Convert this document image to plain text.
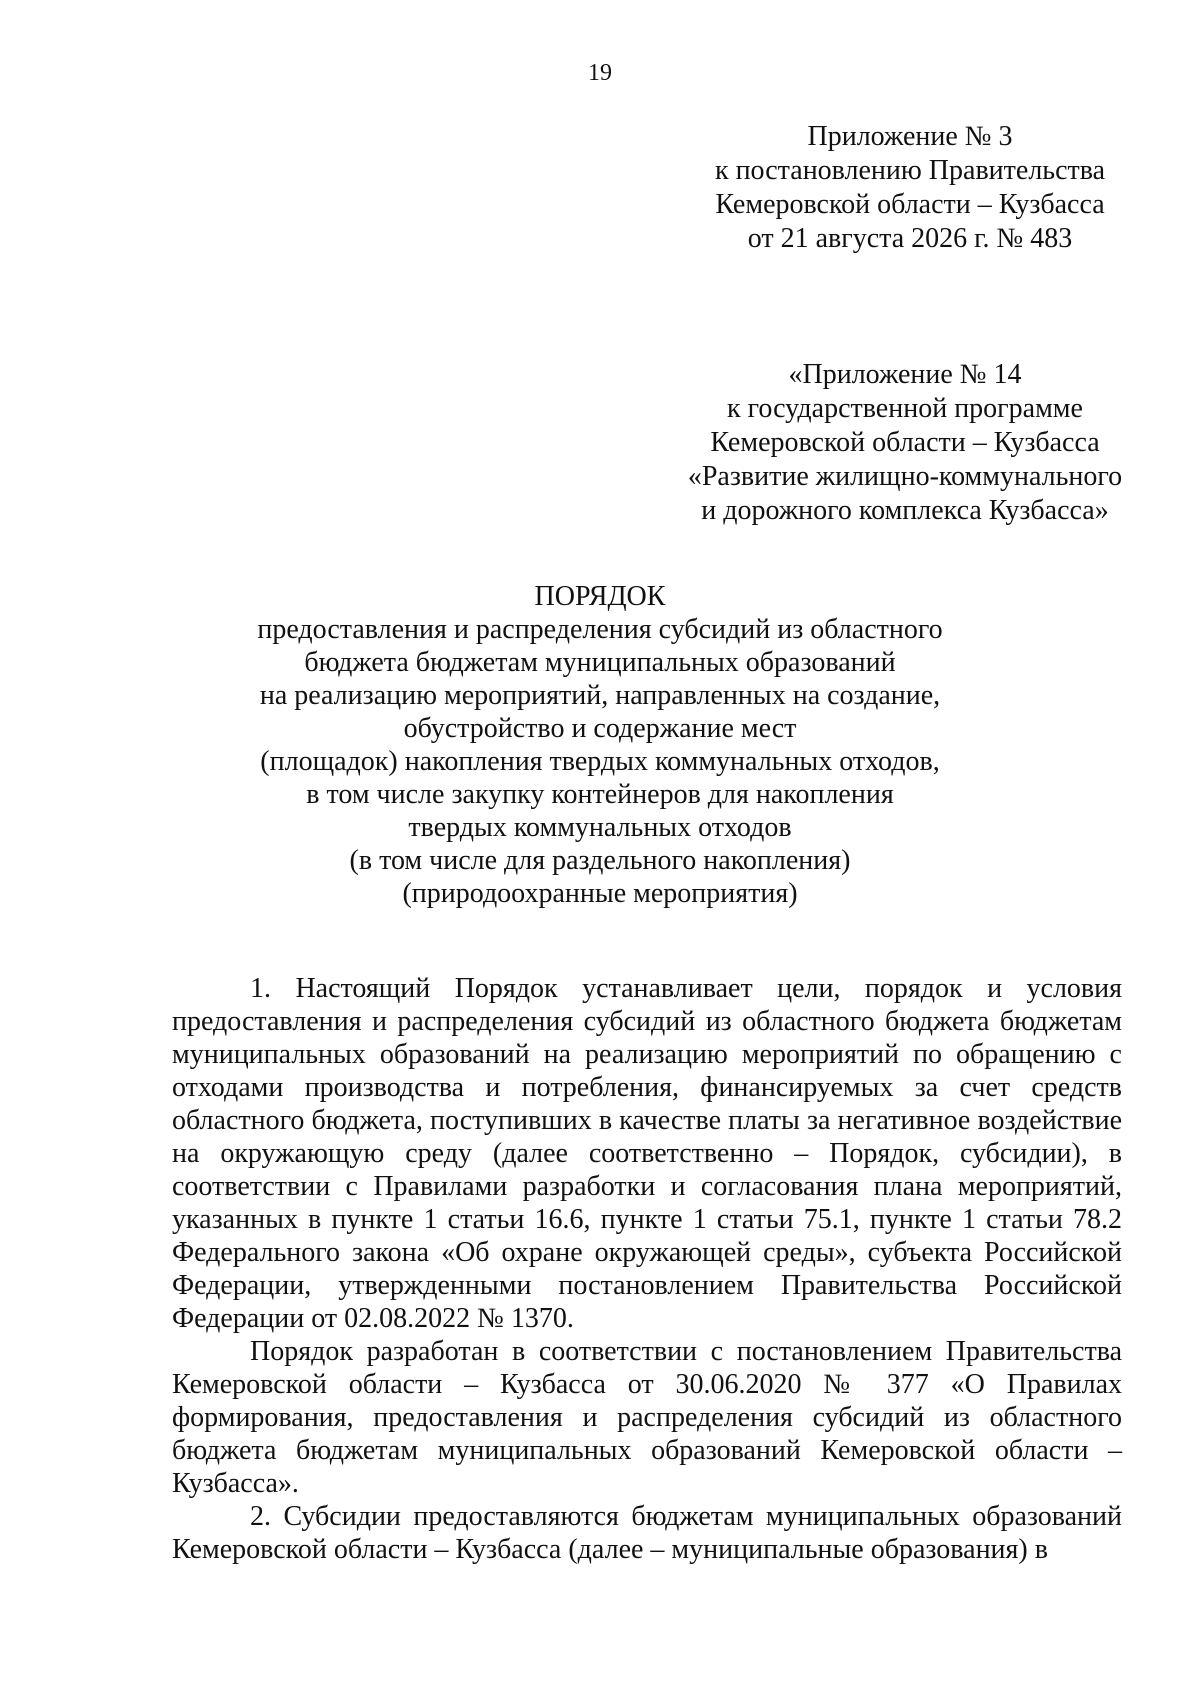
19
Приложение № 3
к постановлению Правительства
Кемеровской области – Кузбасса
от 21 августа 2026 г. № 483
«Приложение № 14
к государственной программе
Кемеровской области – Кузбасса
«Развитие жилищно-коммунального
и дорожного комплекса Кузбасса»
ПОРЯДОК
предоставления и распределения субсидий из областного
бюджета бюджетам муниципальных образований
на реализацию мероприятий, направленных на создание,
обустройство и содержание мест
(площадок) накопления твердых коммунальных отходов,
в том числе закупку контейнеров для накопления
твердых коммунальных отходов
(в том числе для раздельного накопления)
(природоохранные мероприятия)

1. Настоящий Порядок устанавливает цели, порядок и условия предоставления и распределения субсидий из областного бюджета бюджетам муниципальных образований на реализацию мероприятий по обращению с отходами производства и потребления, финансируемых за счет средств областного бюджета, поступивших в качестве платы за негативное воздействие на окружающую среду (далее соответственно – Порядок, субсидии), в соответствии с Правилами разработки и согласования плана мероприятий, указанных в пункте 1 статьи 16.6, пункте 1 статьи 75.1, пункте 1 статьи 78.2 Федерального закона «Об охране окружающей среды», субъекта Российской Федерации, утвержденными постановлением Правительства Российской Федерации от 02.08.2022 № 1370.

Порядок разработан в соответствии с постановлением Правительства Кемеровской области – Кузбасса от 30.06.2020 № 377 «О Правилах формирования, предоставления и распределения субсидий из областного бюджета бюджетам муниципальных образований Кемеровской области – Кузбасса».

2. Субсидии предоставляются бюджетам муниципальных образований Кемеровской области – Кузбасса (далее – муниципальные образования) в
